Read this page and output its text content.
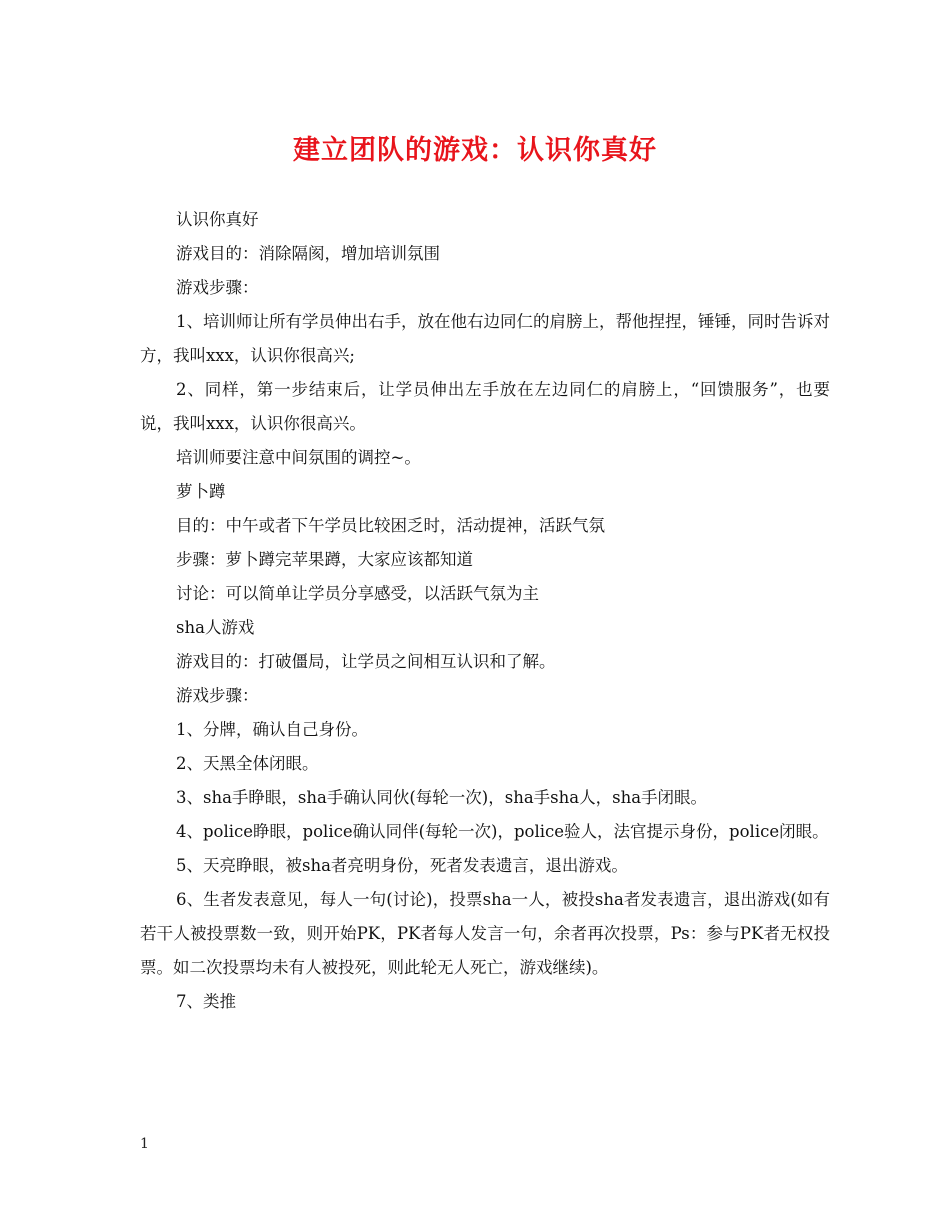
建立团队的游戏：认识你真好

认识你真好

游戏目的：消除隔阂，增加培训氛围

游戏步骤：

1、培训师让所有学员伸出右手，放在他右边同仁的肩膀上，帮他捏捏，锤锤，同时告诉对方，我叫xxx，认识你很高兴;

2、同样，第一步结束后，让学员伸出左手放在左边同仁的肩膀上，“回馈服务”，也要说，我叫xxx，认识你很高兴。

培训师要注意中间氛围的调控~。

萝卜蹲

目的：中午或者下午学员比较困乏时，活动提神，活跃气氛

步骤：萝卜蹲完苹果蹲，大家应该都知道

讨论：可以简单让学员分享感受，以活跃气氛为主

sha人游戏

游戏目的：打破僵局，让学员之间相互认识和了解。

游戏步骤：

1、分牌，确认自己身份。

2、天黑全体闭眼。

3、sha手睁眼，sha手确认同伙(每轮一次)，sha手sha人，sha手闭眼。

4、police睁眼，police确认同伴(每轮一次)，police验人，法官提示身份，police闭眼。

5、天亮睁眼，被sha者亮明身份，死者发表遗言，退出游戏。

6、生者发表意见，每人一句(讨论)，投票sha一人，被投sha者发表遗言，退出游戏(如有若干人被投票数一致，则开始PK，PK者每人发言一句，余者再次投票，Ps：参与PK者无权投票。如二次投票均未有人被投死，则此轮无人死亡，游戏继续)。

7、类推

1
